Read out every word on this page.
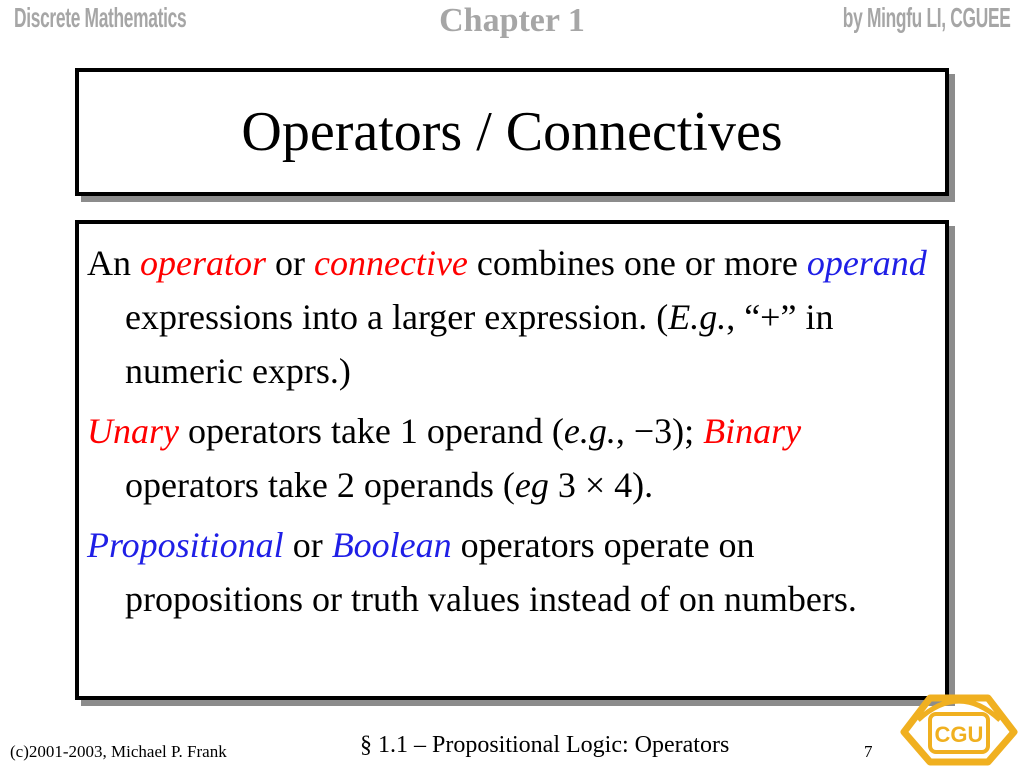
Discrete Mathematics	Chapter 1	by Mingfu LI, CGUEE
Operators / Connectives

An operator or connective combines one or more operand expressions into a larger expression. (E.g., “+” in numeric exprs.)

Unary operators take 1 operand (e.g., −3); Binary operators take 2 operands (eg 3 × 4).

Propositional or Boolean operators operate on propositions or truth values instead of on numbers.

(c)2001-2003, Michael P. Frank	§ 1.1 – Propositional Logic: Operators	7
CGU
